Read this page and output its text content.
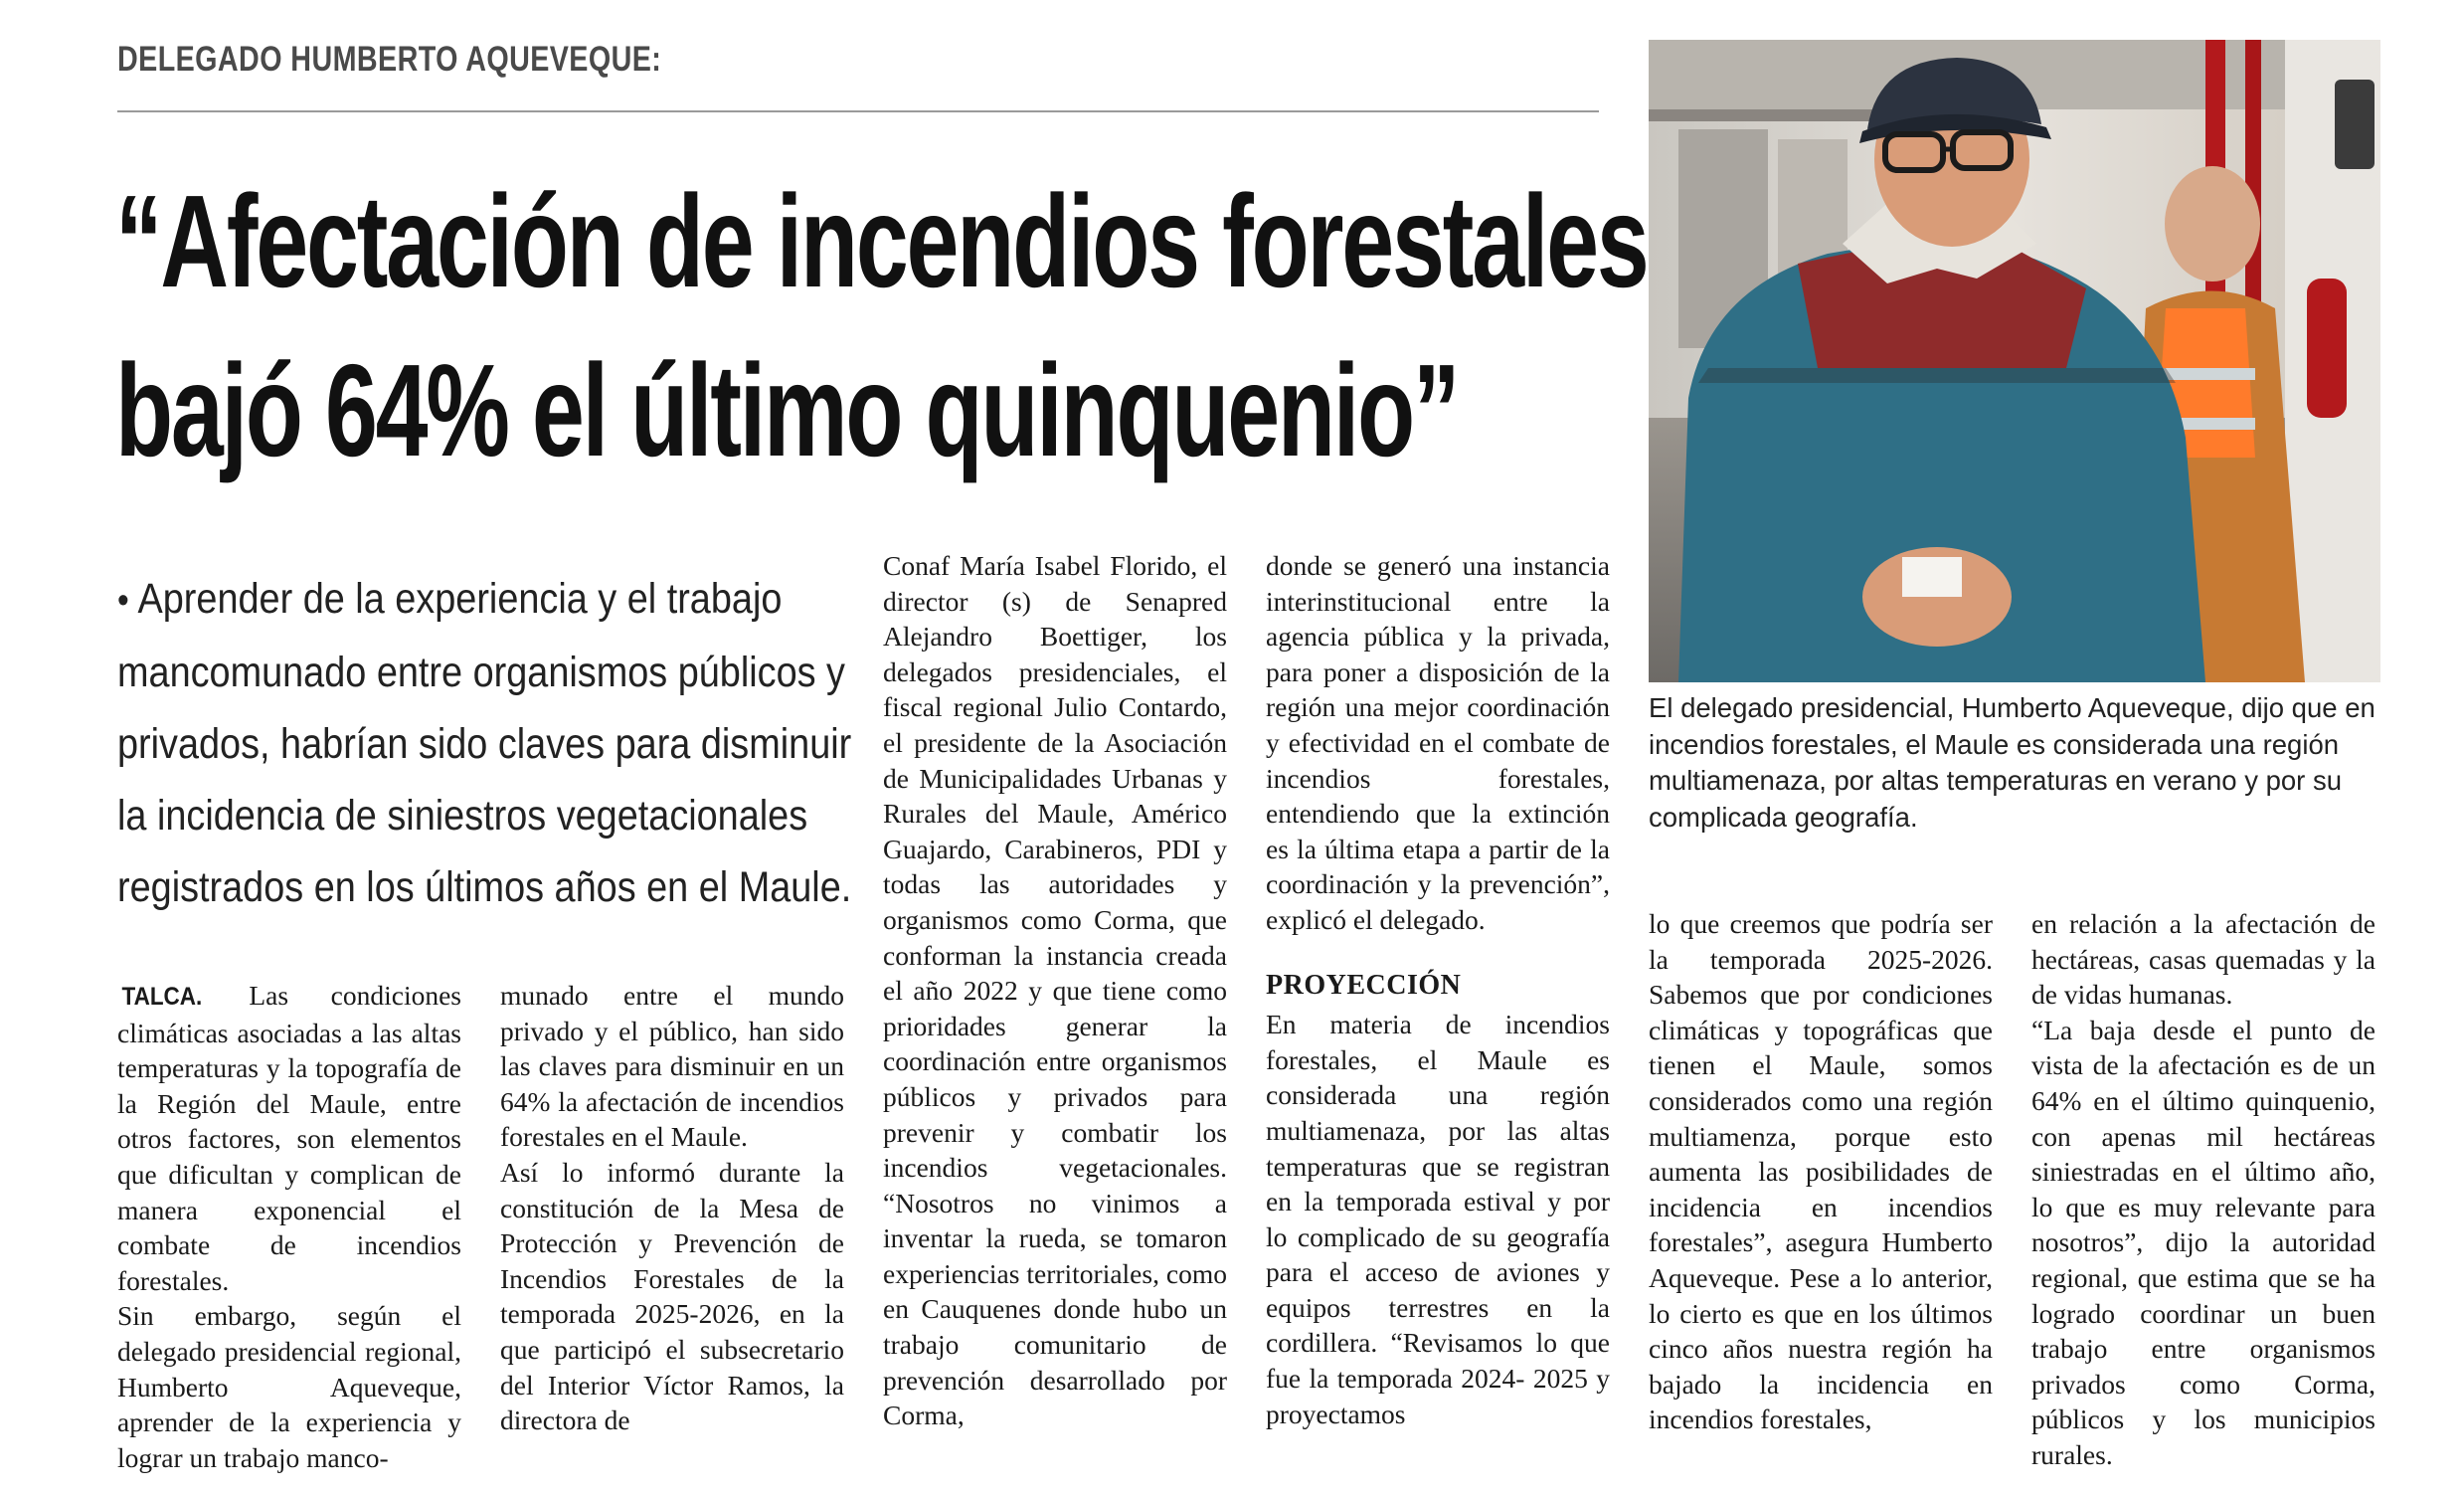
DELEGADO HUMBERTO AQUEVEQUE:
“Afectación de incendios forestales
bajó 64% el último quinquenio”
• Aprender de la experiencia y el trabajo mancomunado entre organismos públicos y privados, habrían sido claves para disminuir la incidencia de siniestros vegetacionales registrados en los últimos años en el Maule.

TALCA. Las condiciones climáticas asociadas a las altas temperaturas y la topografía de la Región del Maule, entre otros factores, son elementos que dificultan y complican de manera exponencial el combate de incendios forestales.

Sin embargo, según el delegado presidencial regional, Humberto Aqueveque, aprender de la experiencia y lograr un trabajo manco-

munado entre el mundo privado y el público, han sido las claves para disminuir en un 64% la afectación de incendios forestales en el Maule.

Así lo informó durante la constitución de la Mesa de Protección y Prevención de Incendios Forestales de la temporada 2025-2026, en la que participó el subsecretario del Interior Víctor Ramos, la directora de

Conaf María Isabel Florido, el director (s) de Senapred Alejandro Boettiger, los delegados presidenciales, el fiscal regional Julio Contardo, el presidente de la Asociación de Municipalidades Urbanas y Rurales del Maule, Américo Guajardo, Carabineros, PDI y todas las autoridades y organismos como Corma, que conforman la instancia creada el año 2022 y que tiene como prioridades generar la coordinación entre organismos públicos y privados para prevenir y combatir los incendios vegetacionales. “Nosotros no vinimos a inventar la rueda, se tomaron experiencias territoriales, como en Cauquenes donde hubo un trabajo comunitario de prevención desarrollado por Corma,

donde se generó una instancia interinstitucional entre la agencia pública y la privada, para poner a disposición de la región una mejor coordinación y efectividad en el combate de incendios forestales, entendiendo que la extinción es la última etapa a partir de la coordinación y la prevención”, explicó el delegado.

PROYECCIÓN

En materia de incendios forestales, el Maule es considerada una región multiamenaza, por las altas temperaturas que se registran en la temporada estival y por lo complicado de su geografía para el acceso de aviones y equipos terrestres en la cordillera. “Revisamos lo que fue la temporada 2024- 2025 y proyectamos

lo que creemos que podría ser la temporada 2025-2026. Sabemos que por condiciones climáticas y topográficas que tienen el Maule, somos considerados como una región multiamenza, porque esto aumenta las posibilidades de incidencia en incendios forestales”, asegura Humberto Aqueveque. Pese a lo anterior, lo cierto es que en los últimos cinco años nuestra región ha bajado la incidencia en incendios forestales,

en relación a la afectación de hectáreas, casas quemadas y la de vidas humanas.

“La baja desde el punto de vista de la afectación es de un 64% en el último quinquenio, con apenas mil hectáreas siniestradas en el último año, lo que es muy relevante para nosotros”, dijo la autoridad regional, que estima que se ha logrado coordinar un buen trabajo entre organismos privados como Corma, públicos y los municipios rurales.

El delegado presidencial, Humberto Aqueveque, dijo que en incendios forestales, el Maule es considerada una región multiamenaza, por altas temperaturas en verano y por su complicada geografía.
